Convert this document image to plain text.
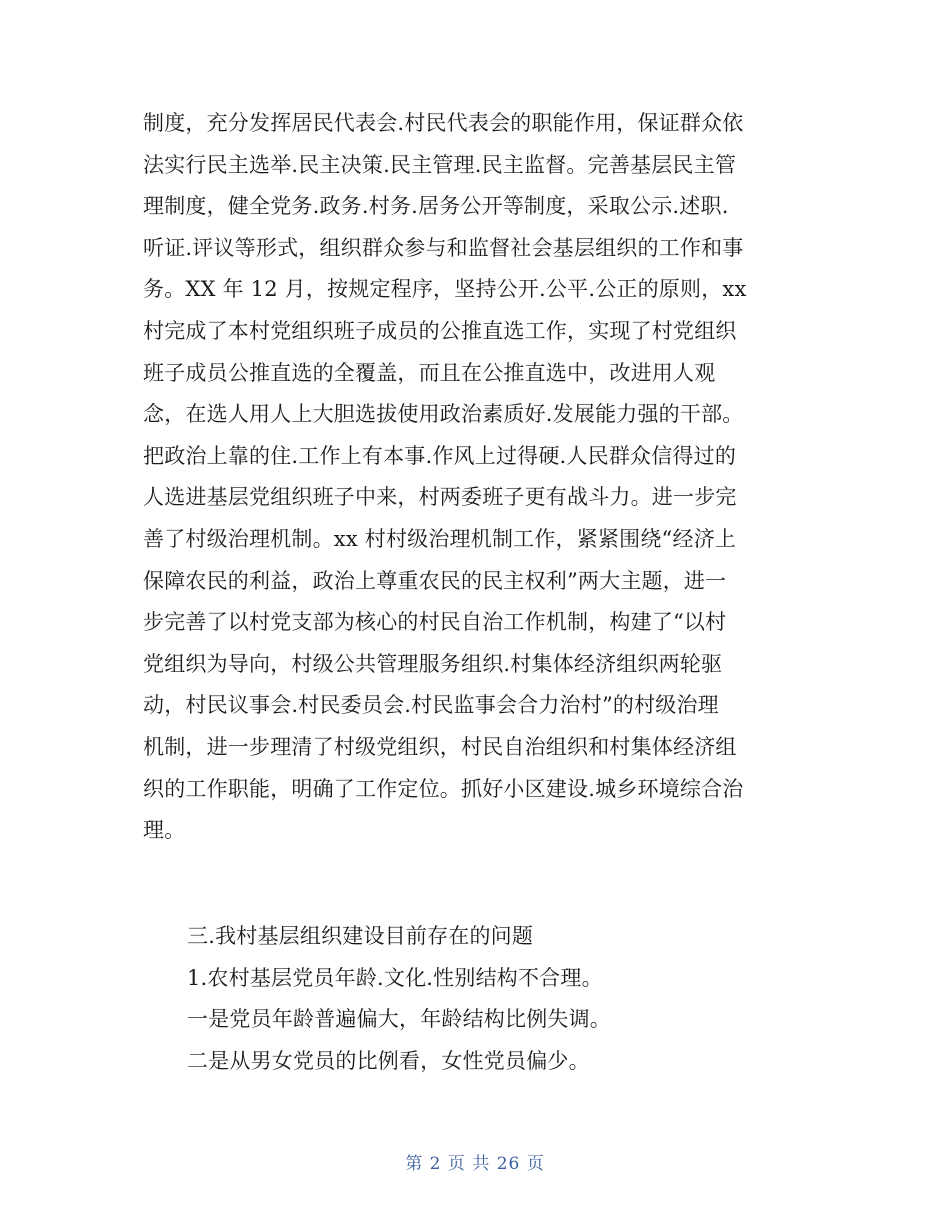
制度，充分发挥居民代表会.村民代表会的职能作用，保证群众依
法实行民主选举.民主决策.民主管理.民主监督。完善基层民主管
理制度，健全党务.政务.村务.居务公开等制度，采取公示.述职.
听证.评议等形式，组织群众参与和监督社会基层组织的工作和事
务。XX 年 12 月，按规定程序，坚持公开.公平.公正的原则，xx
村完成了本村党组织班子成员的公推直选工作，实现了村党组织
班子成员公推直选的全覆盖，而且在公推直选中，改进用人观
念，在选人用人上大胆选拔使用政治素质好.发展能力强的干部。
把政治上靠的住.工作上有本事.作风上过得硬.人民群众信得过的
人选进基层党组织班子中来，村两委班子更有战斗力。进一步完
善了村级治理机制。xx 村村级治理机制工作，紧紧围绕“经济上
保障农民的利益，政治上尊重农民的民主权利”两大主题，进一
步完善了以村党支部为核心的村民自治工作机制，构建了“以村
党组织为导向，村级公共管理服务组织.村集体经济组织两轮驱
动，村民议事会.村民委员会.村民监事会合力治村”的村级治理
机制，进一步理清了村级党组织，村民自治组织和村集体经济组
织的工作职能，明确了工作定位。抓好小区建设.城乡环境综合治
理。
三.我村基层组织建设目前存在的问题
1.农村基层党员年龄.文化.性别结构不合理。
一是党员年龄普遍偏大，年龄结构比例失调。
二是从男女党员的比例看，女性党员偏少。
第 2 页 共 26 页
